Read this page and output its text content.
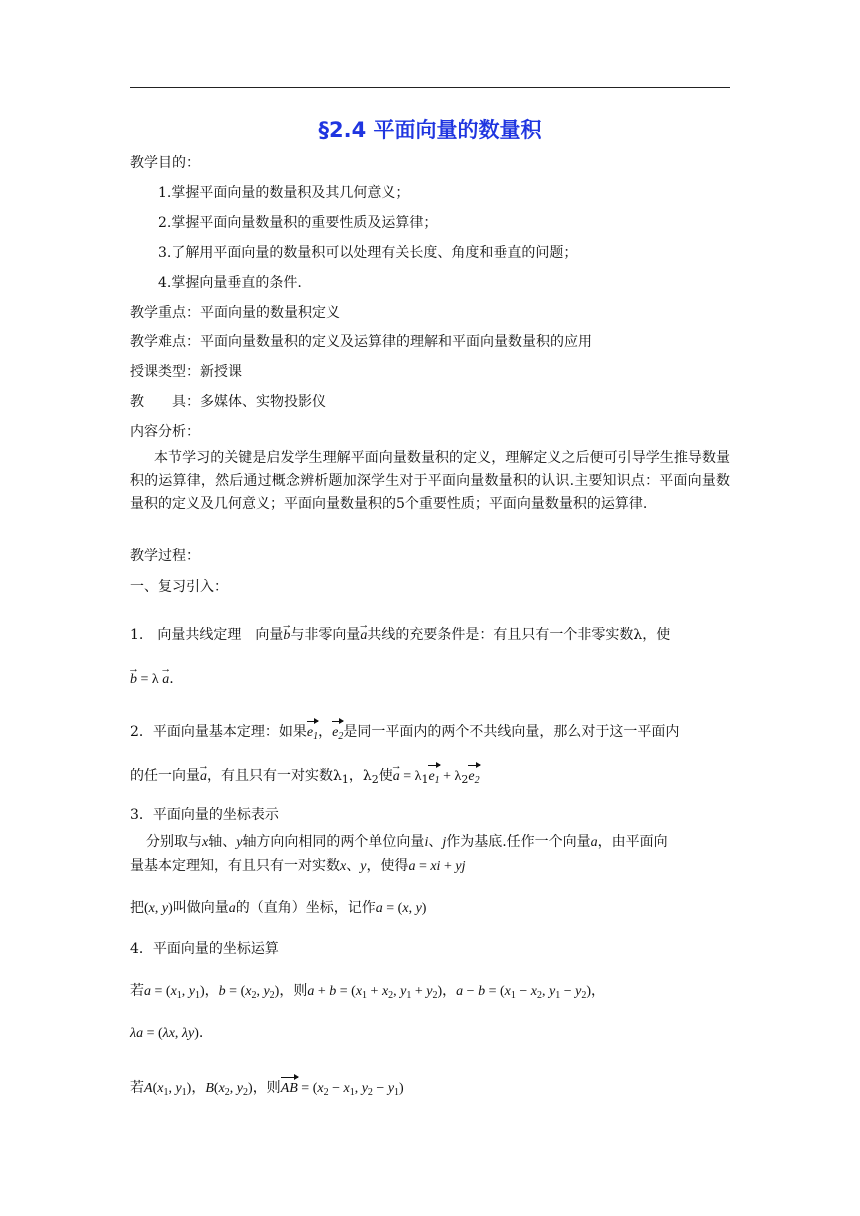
§2.4 平面向量的数量积
教学目的：
1.掌握平面向量的数量积及其几何意义；
2.掌握平面向量数量积的重要性质及运算律；
3.了解用平面向量的数量积可以处理有关长度、角度和垂直的问题；
4.掌握向量垂直的条件.
教学重点：平面向量的数量积定义
教学难点：平面向量数量积的定义及运算律的理解和平面向量数量积的应用
授课类型：新授课
教　　具：多媒体、实物投影仪
内容分析：
本节学习的关键是启发学生理解平面向量数量积的定义，理解定义之后便可引导学生推导数量积的运算律，然后通过概念辨析题加深学生对于平面向量数量积的认识.主要知识点：平面向量数量积的定义及几何意义；平面向量数量积的5个重要性质；平面向量数量积的运算律.
教学过程：
一、复习引入：
1.　向量共线定理　向量→ b与非零向量→ a共线的充要条件是：有且只有一个非零实数λ，使
→ b = λ → a.
2．平面向量基本定理：如果$e_1$，$e_2$是同一平面内的两个不共线向量，那么对于这一平面内
的任一向量→ a，有且只有一对实数$\lambda_1$，$\lambda_2$使→ $a = \lambda_1e_1 + \lambda_2e_2$
3．平面向量的坐标表示
分别取与x轴、y轴方向向相同的两个单位向量i、j作为基底.任作一个向量a，由平面向
量基本定理知，有且只有一对实数x、y，使得a = xi + yj
把(x, y)叫做向量a的（直角）坐标，记作a = (x, y)
4．平面向量的坐标运算
若$a = (x_1$, $y_1$)，$b = (x_2$, $y_2$)，则$a + b = (x_1 + x_2$, $y_1 + y_2$)，$a - b = (x_1 - x_2$, $y_1 - y_2$)，
λa = (λx, λy).
若$A(x_1$, $y_1$)，$B(x_2$, $y_2$)，则AB = ($x_2 - x_1$, $y_2 - y_1$)
